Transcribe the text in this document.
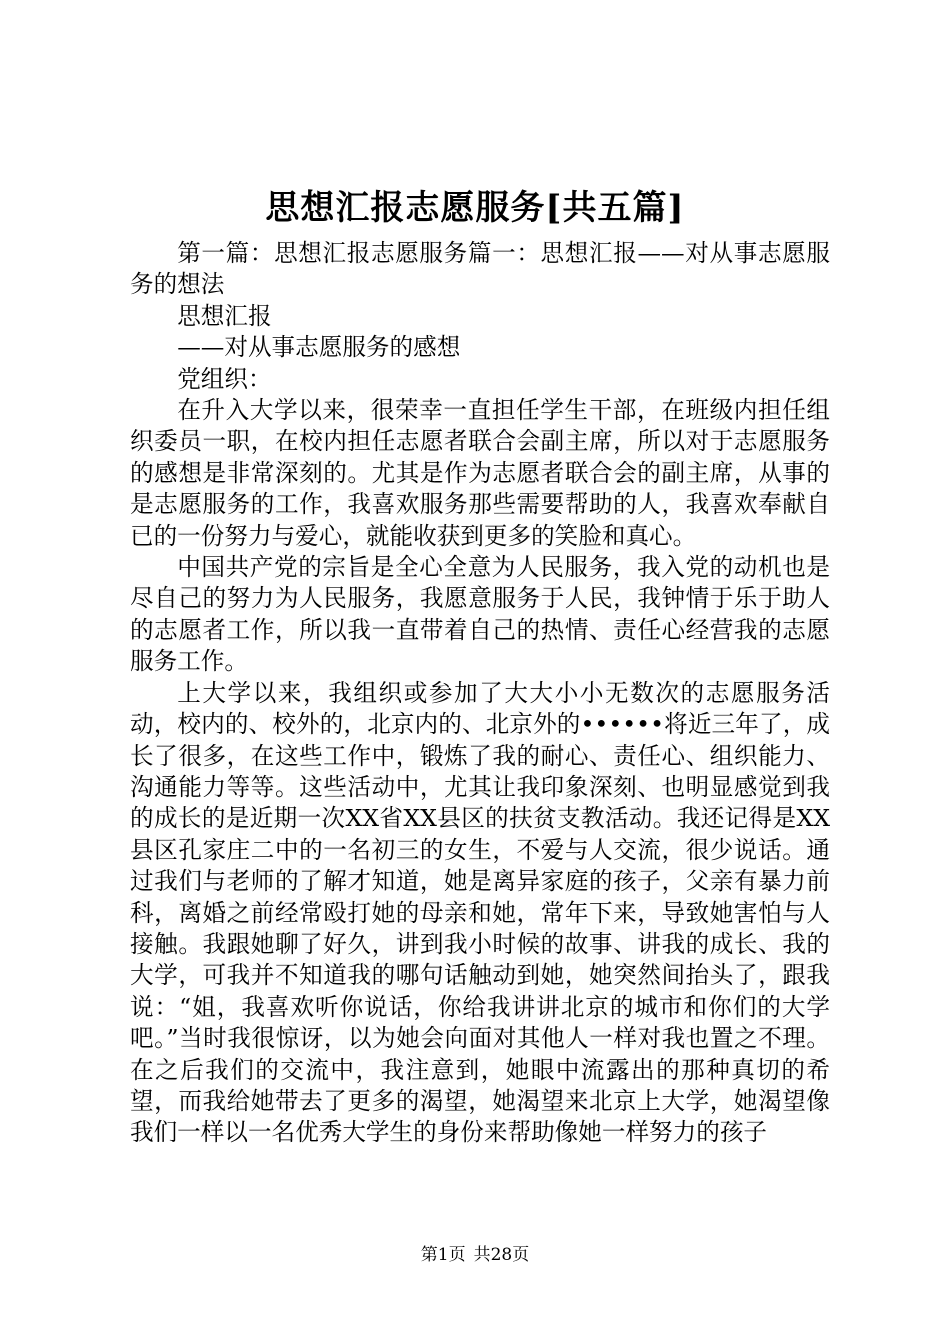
思想汇报志愿服务[共五篇]

第一篇：思想汇报志愿服务篇一：思想汇报——对从事志愿服务的想法

思想汇报

——对从事志愿服务的感想

党组织：

在升入大学以来，很荣幸一直担任学生干部，在班级内担任组织委员一职，在校内担任志愿者联合会副主席，所以对于志愿服务的感想是非常深刻的。尤其是作为志愿者联合会的副主席，从事的是志愿服务的工作，我喜欢服务那些需要帮助的人，我喜欢奉献自已的一份努力与爱心，就能收获到更多的笑脸和真心。

中国共产党的宗旨是全心全意为人民服务，我入党的动机也是尽自己的努力为人民服务，我愿意服务于人民，我钟情于乐于助人的志愿者工作，所以我一直带着自己的热情、责任心经营我的志愿服务工作。

上大学以来，我组织或参加了大大小小无数次的志愿服务活动，校内的、校外的，北京内的、北京外的••••••将近三年了，成长了很多，在这些工作中，锻炼了我的耐心、责任心、组织能力、沟通能力等等。这些活动中，尤其让我印象深刻、也明显感觉到我的成长的是近期一次XX省XX县区的扶贫支教活动。我还记得是XX县区孔家庄二中的一名初三的女生，不爱与人交流，很少说话。通过我们与老师的了解才知道，她是离异家庭的孩子，父亲有暴力前科，离婚之前经常殴打她的母亲和她，常年下来，导致她害怕与人接触。我跟她聊了好久，讲到我小时候的故事、讲我的成长、我的大学，可我并不知道我的哪句话触动到她，她突然间抬头了，跟我说：“姐，我喜欢听你说话，你给我讲讲北京的城市和你们的大学吧。”当时我很惊讶，以为她会向面对其他人一样对我也置之不理。在之后我们的交流中，我注意到，她眼中流露出的那种真切的希望，而我给她带去了更多的渴望，她渴望来北京上大学，她渴望像我们一样以一名优秀大学生的身份来帮助像她一样努力的孩子

第1页 共28页
